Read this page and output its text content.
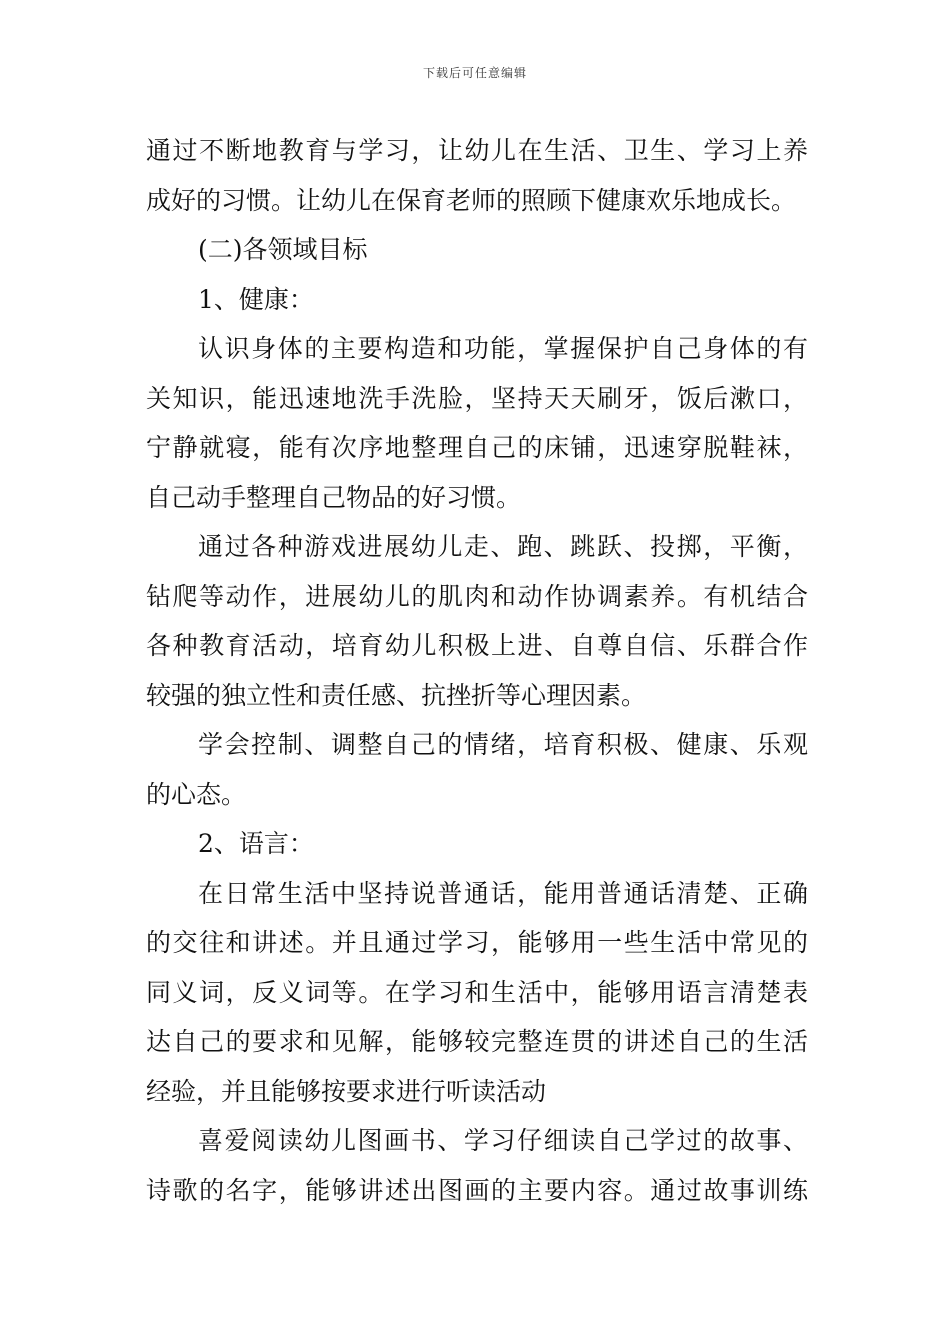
下载后可任意编辑
通过不断地教育与学习，让幼儿在生活、卫生、学习上养
成好的习惯。让幼儿在保育老师的照顾下健康欢乐地成长。
(二)各领域目标
1、健康：
认识身体的主要构造和功能，掌握保护自己身体的有
关知识，能迅速地洗手洗脸，坚持天天刷牙，饭后漱口，
宁静就寝，能有次序地整理自己的床铺，迅速穿脱鞋袜，
自己动手整理自己物品的好习惯。
通过各种游戏进展幼儿走、跑、跳跃、投掷，平衡，
钻爬等动作，进展幼儿的肌肉和动作协调素养。有机结合
各种教育活动，培育幼儿积极上进、自尊自信、乐群合作
较强的独立性和责任感、抗挫折等心理因素。
学会控制、调整自己的情绪，培育积极、健康、乐观
的心态。
2、语言：
在日常生活中坚持说普通话，能用普通话清楚、正确
的交往和讲述。并且通过学习，能够用一些生活中常见的
同义词，反义词等。在学习和生活中，能够用语言清楚表
达自己的要求和见解，能够较完整连贯的讲述自己的生活
经验，并且能够按要求进行听读活动
喜爱阅读幼儿图画书、学习仔细读自己学过的故事、
诗歌的名字，能够讲述出图画的主要内容。通过故事训练
